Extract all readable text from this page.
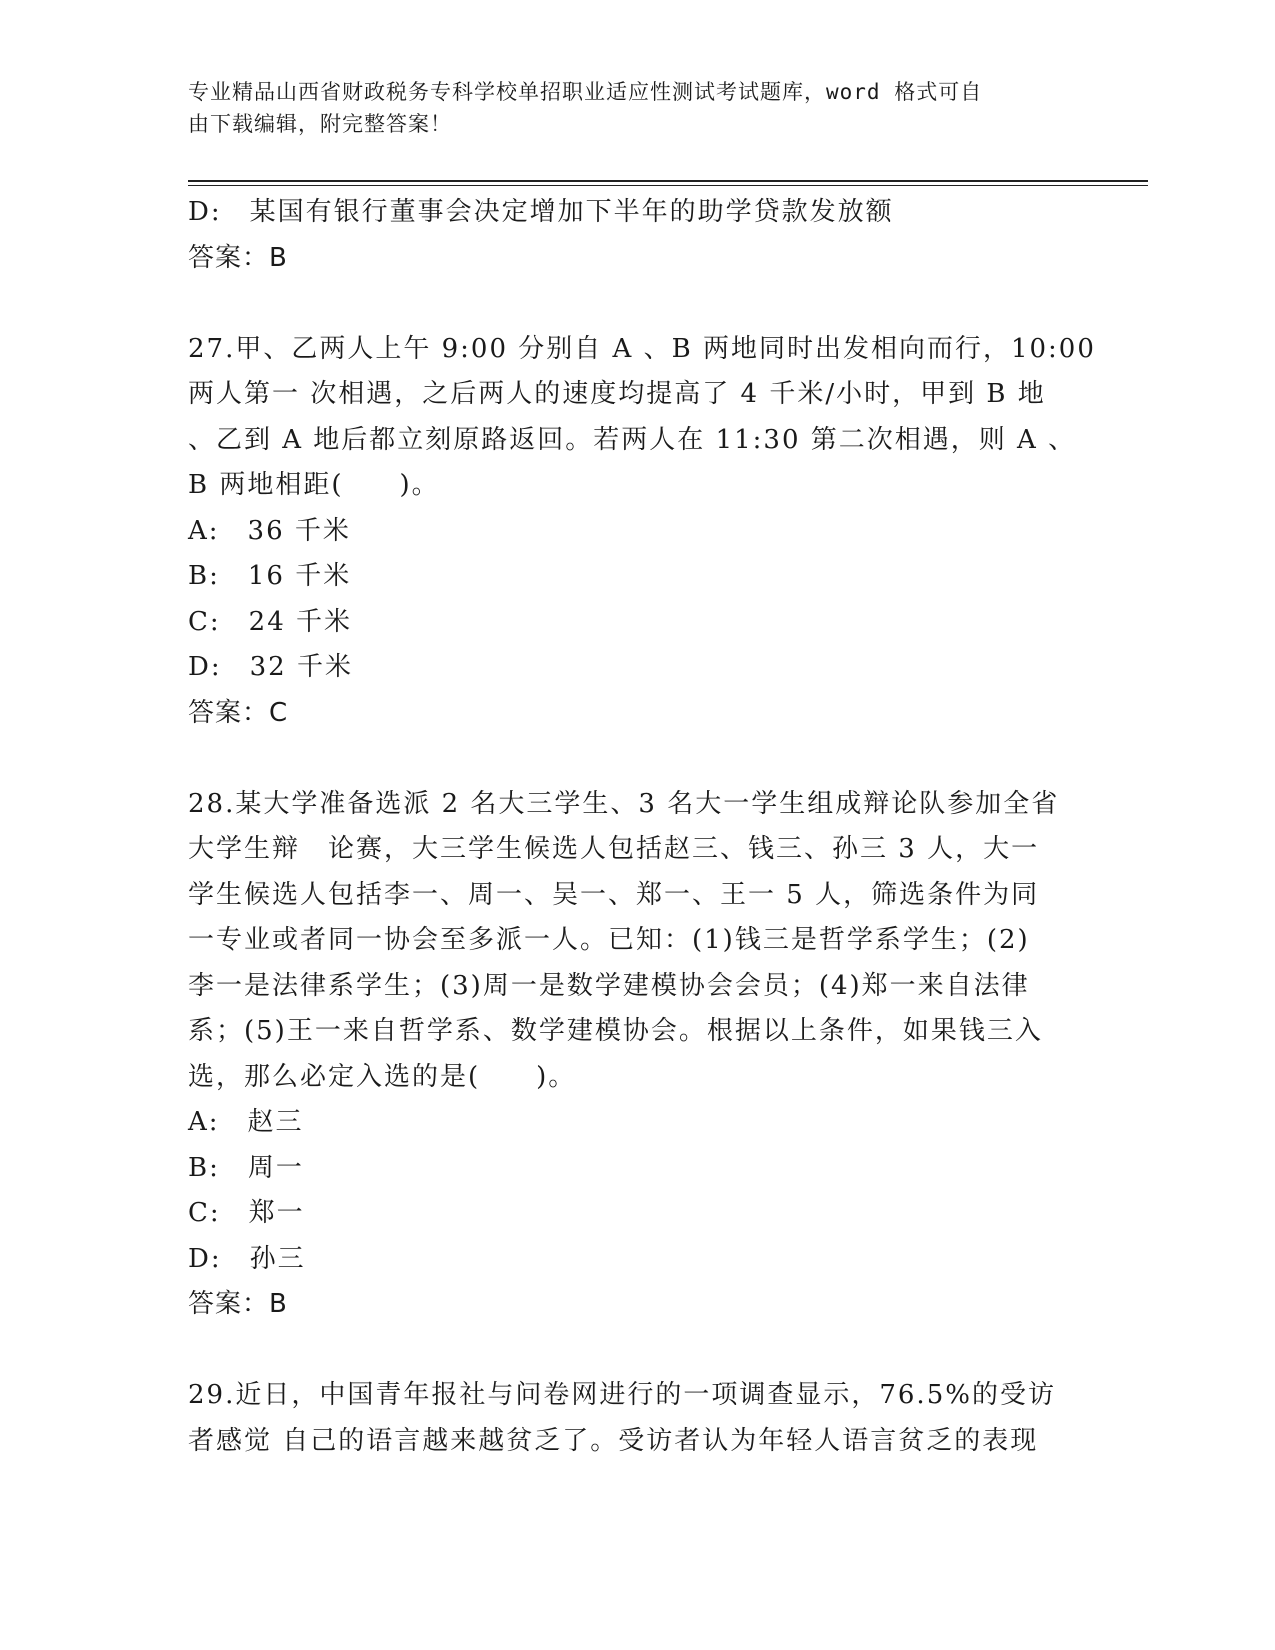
专业精品山西省财政税务专科学校单招职业适应性测试考试题库，word 格式可自
由下载编辑，附完整答案！
D:　某国有银行董事会决定增加下半年的助学贷款发放额
答案：B
27.甲、乙两人上午 9:00 分别自 A 、B 两地同时出发相向而行，10:00
两人第一 次相遇，之后两人的速度均提高了 4 千米/小时，甲到 B 地
、乙到 A 地后都立刻原路返回。若两人在 11:30 第二次相遇，则 A 、
B 两地相距(　　)。
A:　36 千米
B:　16 千米
C:　24 千米
D:　32 千米
答案：C
28.某大学准备选派 2 名大三学生、3 名大一学生组成辩论队参加全省
大学生辩　论赛，大三学生候选人包括赵三、钱三、孙三 3 人，大一
学生候选人包括李一、周一、吴一、郑一、王一 5 人，筛选条件为同
一专业或者同一协会至多派一人。已知：(1)钱三是哲学系学生；(2)
李一是法律系学生；(3)周一是数学建模协会会员；(4)郑一来自法律
系；(5)王一来自哲学系、数学建模协会。根据以上条件，如果钱三入
选，那么必定入选的是(　　)。
A:　赵三
B:　周一
C:　郑一
D:　孙三
答案：B
29.近日，中国青年报社与问卷网进行的一项调查显示，76.5%的受访
者感觉 自己的语言越来越贫乏了。受访者认为年轻人语言贫乏的表现
